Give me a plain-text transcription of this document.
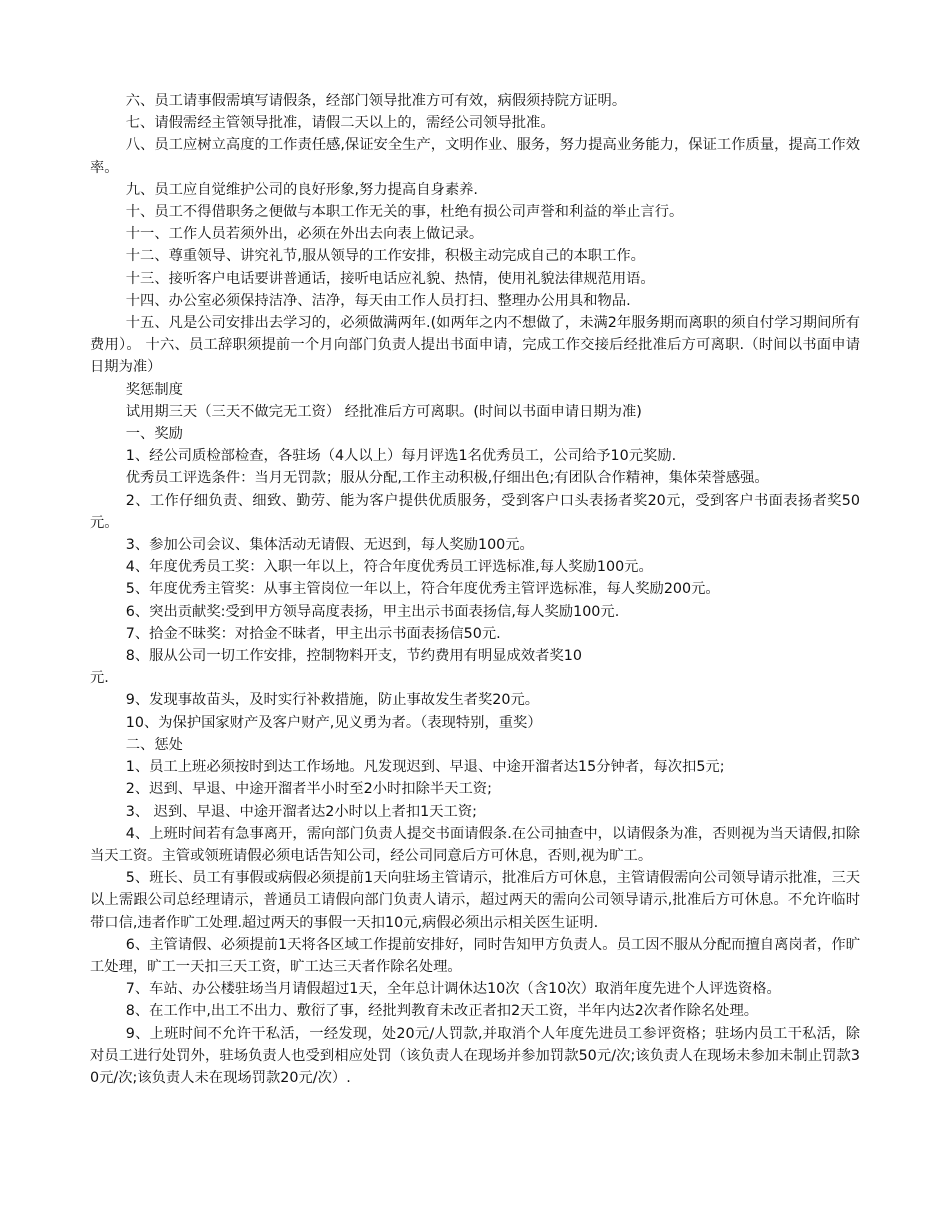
六、员工请事假需填写请假条，经部门领导批准方可有效，病假须持院方证明。

七、请假需经主管领导批准，请假二天以上的，需经公司领导批准。

八、员工应树立高度的工作责任感,保证安全生产，文明作业、服务，努力提高业务能力，保证工作质量，提高工作效率。

九、员工应自觉维护公司的良好形象,努力提高自身素养.

十、员工不得借职务之便做与本职工作无关的事，杜绝有损公司声誉和利益的举止言行。

十一、工作人员若须外出，必须在外出去向表上做记录。

十二、尊重领导、讲究礼节,服从领导的工作安排，积极主动完成自己的本职工作。

十三、接听客户电话要讲普通话，接听电话应礼貌、热情，使用礼貌法律规范用语。

十四、办公室必须保持洁净、洁净，每天由工作人员打扫、整理办公用具和物品.

十五、凡是公司安排出去学习的，必须做满两年.(如两年之内不想做了，未满2年服务期而离职的须自付学习期间所有费用）。 十六、员工辞职须提前一个月向部门负责人提出书面申请，完成工作交接后经批准后方可离职.（时间以书面申请日期为准）

奖惩制度

试用期三天（三天不做完无工资） 经批准后方可离职。(时间以书面申请日期为准)

一、奖励

1、经公司质检部检查，各驻场（4人以上）每月评选1名优秀员工，公司给予10元奖励.

优秀员工评选条件：当月无罚款；服从分配,工作主动积极,仔细出色;有团队合作精神，集体荣誉感强。

2、工作仔细负责、细致、勤劳、能为客户提供优质服务，受到客户口头表扬者奖20元，受到客户书面表扬者奖50元。

3、参加公司会议、集体活动无请假、无迟到，每人奖励100元。

4、年度优秀员工奖：入职一年以上，符合年度优秀员工评选标准,每人奖励100元。

5、年度优秀主管奖：从事主管岗位一年以上，符合年度优秀主管评选标准，每人奖励200元。

6、突出贡献奖:受到甲方领导高度表扬，甲主出示书面表扬信,每人奖励100元.

7、拾金不昧奖：对拾金不昧者，甲主出示书面表扬信50元.

8、服从公司一切工作安排，控制物料开支，节约费用有明显成效者奖10

元.

9、发现事故苗头，及时实行补救措施，防止事故发生者奖20元。

10、为保护国家财产及客户财产,见义勇为者。（表现特别，重奖）

二、惩处

1、员工上班必须按时到达工作场地。凡发现迟到、早退、中途开溜者达15分钟者，每次扣5元;

2、迟到、早退、中途开溜者半小时至2小时扣除半天工资;

3、 迟到、早退、中途开溜者达2小时以上者扣1天工资;

4、上班时间若有急事离开，需向部门负责人提交书面请假条.在公司抽查中，以请假条为准，否则视为当天请假,扣除当天工资。主管或领班请假必须电话告知公司，经公司同意后方可休息，否则,视为旷工。

5、班长、员工有事假或病假必须提前1天向驻场主管请示，批准后方可休息，主管请假需向公司领导请示批准，三天以上需跟公司总经理请示，普通员工请假向部门负责人请示，超过两天的需向公司领导请示,批准后方可休息。不允许临时带口信,违者作旷工处理.超过两天的事假一天扣10元,病假必须出示相关医生证明.

6、主管请假、必须提前1天将各区域工作提前安排好，同时告知甲方负责人。员工因不服从分配而擅自离岗者，作旷工处理，旷工一天扣三天工资，旷工达三天者作除名处理。

7、车站、办公楼驻场当月请假超过1天，全年总计调休达10次（含10次）取消年度先进个人评选资格。

8、在工作中,出工不出力、敷衍了事，经批判教育未改正者扣2天工资，半年内达2次者作除名处理。

9、上班时间不允许干私活，一经发现，处20元/人罚款,并取消个人年度先进员工参评资格；驻场内员工干私活，除对员工进行处罚外，驻场负责人也受到相应处罚（该负责人在现场并参加罚款50元/次;该负责人在现场未参加未制止罚款30元/次;该负责人未在现场罚款20元/次）.
